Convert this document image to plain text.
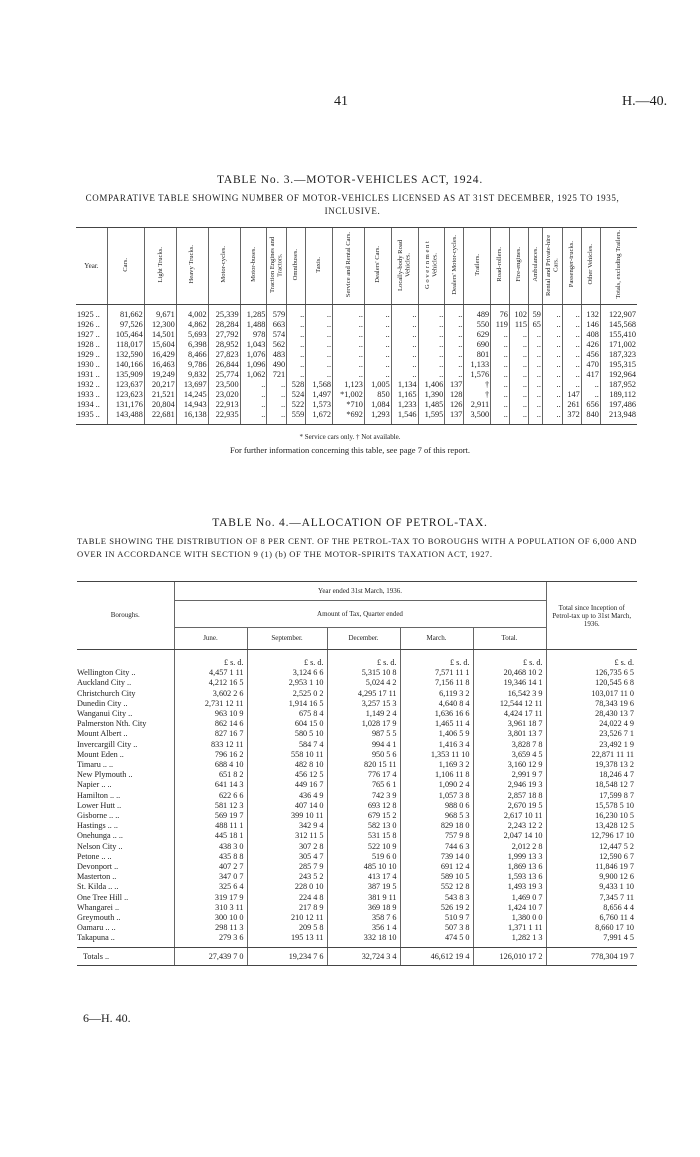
41	H.—40.
TABLE No. 3.—MOTOR-VEHICLES ACT, 1924.
COMPARATIVE TABLE SHOWING NUMBER OF MOTOR-VEHICLES LICENSED AS AT 31ST DECEMBER, 1925 TO 1935, INCLUSIVE.
Year.	Cars.	Light Trucks.	Heavy Trucks.	Motor-cycles.	Motor-buses.	Traction Engines and Tractors.	Omnibuses.	Taxis.	Service and Rental Cars.	Dealers' Cars.	Locally-body Road Vehicles.	G o v e r n m e n t Vehicles.	Dealers' Motor-cycles.	Trailers.	Road-rollers.	Fire-engines.	Ambulances.	Rental and Private-hire Cars.	Passenger-trucks.	Other Vehicles.	Totals, excluding Trailers.
1925 ..	81,662	9,671	4,002	25,339	1,285	579	..	..	..	..	..	..	..	489	76	102	59	..	..	132	122,907
1926 ..	97,526	12,300	4,862	28,284	1,488	663	..	..	..	..	..	..	..	550	119	115	65	..	..	146	145,568
1927 ..	105,464	14,501	5,693	27,792	978	574	..	..	..	..	..	..	..	629	..	..	..	..	..	408	155,410
1928 ..	118,017	15,604	6,398	28,952	1,043	562	..	..	..	..	..	..	..	690	..	..	..	..	..	426	171,002
1929 ..	132,590	16,429	8,466	27,823	1,076	483	..	..	..	..	..	..	..	801	..	..	..	..	..	456	187,323
1930 ..	140,166	16,463	9,786	26,844	1,096	490	..	..	..	..	..	..	..	1,133	..	..	..	..	..	470	195,315
1931 ..	135,909	19,249	9,832	25,774	1,062	721	..	..	..	..	..	..	..	1,576	..	..	..	..	..	417	192,964
1932 ..	123,637	20,217	13,697	23,500	..	..	528	1,568	1,123	1,005	1,134	1,406	137	†	..	..	..	..	..	..	187,952
1933 ..	123,623	21,521	14,245	23,020	..	..	524	1,497	*1,002	850	1,165	1,390	128	†	..	..	..	..	147	..	189,112
1934 ..	131,176	20,804	14,943	22,913	..	..	522	1,573	*710	1,084	1,233	1,485	126	2,911	..	..	..	..	261	656	197,486
1935 ..	143,488	22,681	16,138	22,935	..	..	559	1,672	*692	1,293	1,546	1,595	137	3,500	..	..	..	..	372	840	213,948
* Service cars only. † Not available.
For further information concerning this table, see page 7 of this report.
TABLE No. 4.—ALLOCATION OF PETROL-TAX.
TABLE SHOWING THE DISTRIBUTION OF 8 PER CENT. OF THE PETROL-TAX TO BOROUGHS WITH A POPULATION OF 6,000 AND OVER IN ACCORDANCE WITH SECTION 9 (1) (b) OF THE MOTOR-SPIRITS TAXATION ACT, 1927.
Boroughs.	Year ended 31st March, 1936.					Total since Inception of Petrol-tax up to 31st March, 1936.
	Amount of Tax, Quarter ended					
	June.	September.	December.	March.	Total.	
	£ s. d.	£ s. d.	£ s. d.	£ s. d.	£ s. d.	£ s. d.
Wellington City ..	4,457 1 11	3,124 6 6	5,315 10 8	7,571 11 1	20,468 10 2	126,735 6 5
Auckland City ..	4,212 16 5	2,953 1 10	5,024 4 2	7,156 11 8	19,346 14 1	120,545 6 8
Christchurch City	3,602 2 6	2,525 0 2	4,295 17 11	6,119 3 2	16,542 3 9	103,017 11 0
Dunedin City ..	2,731 12 11	1,914 16 5	3,257 15 3	4,640 8 4	12,544 12 11	78,343 19 6
Wanganui City ..	963 10 9	675 8 4	1,149 2 4	1,636 16 6	4,424 17 11	28,430 13 7
Palmerston Nth. City	862 14 6	604 15 0	1,028 17 9	1,465 11 4	3,961 18 7	24,022 4 9
Mount Albert ..	827 16 7	580 5 10	987 5 5	1,406 5 9	3,801 13 7	23,526 7 1
Invercargill City ..	833 12 11	584 7 4	994 4 1	1,416 3 4	3,828 7 8	23,492 1 9
Mount Eden ..	796 16 2	558 10 11	950 5 6	1,353 11 10	3,659 4 5	22,871 11 11
Timaru .. ..	688 4 10	482 8 10	820 15 11	1,169 3 2	3,160 12 9	19,378 13 2
New Plymouth ..	651 8 2	456 12 5	776 17 4	1,106 11 8	2,991 9 7	18,246 4 7
Napier .. ..	641 14 3	449 16 7	765 6 1	1,090 2 4	2,946 19 3	18,548 12 7
Hamilton .. ..	622 6 6	436 4 9	742 3 9	1,057 3 8	2,857 18 8	17,599 8 7
Lower Hutt ..	581 12 3	407 14 0	693 12 8	988 0 6	2,670 19 5	15,578 5 10
Gisborne .. ..	569 19 7	399 10 11	679 15 2	968 5 3	2,617 10 11	16,230 10 5
Hastings .. ..	488 11 1	342 9 4	582 13 0	829 18 0	2,243 12 2	13,428 12 5
Onehunga .. ..	445 18 1	312 11 5	531 15 8	757 9 8	2,047 14 10	12,796 17 10
Nelson City ..	438 3 0	307 2 8	522 10 9	744 6 3	2,012 2 8	12,447 5 2
Petone .. ..	435 8 8	305 4 7	519 6 0	739 14 0	1,999 13 3	12,590 6 7
Devonport ..	407 2 7	285 7 9	485 10 10	691 12 4	1,869 13 6	11,846 19 7
Masterton ..	347 0 7	243 5 2	413 17 4	589 10 5	1,593 13 6	9,900 12 6
St. Kilda .. ..	325 6 4	228 0 10	387 19 5	552 12 8	1,493 19 3	9,433 1 10
One Tree Hill ..	319 17 9	224 4 8	381 9 11	543 8 3	1,469 0 7	7,345 7 11
Whangarei ..	310 3 11	217 8 9	369 18 9	526 19 2	1,424 10 7	8,656 4 4
Greymouth ..	300 10 0	210 12 11	358 7 6	510 9 7	1,380 0 0	6,760 11 4
Oamaru .. ..	298 11 3	209 5 8	356 1 4	507 3 8	1,371 1 11	8,660 17 10
Takapuna ..	279 3 6	195 13 11	332 18 10	474 5 0	1,282 1 3	7,991 4 5
Totals ..	27,439 7 0	19,234 7 6	32,724 3 4	46,612 19 4	126,010 17 2	778,304 19 7
6—H. 40.
